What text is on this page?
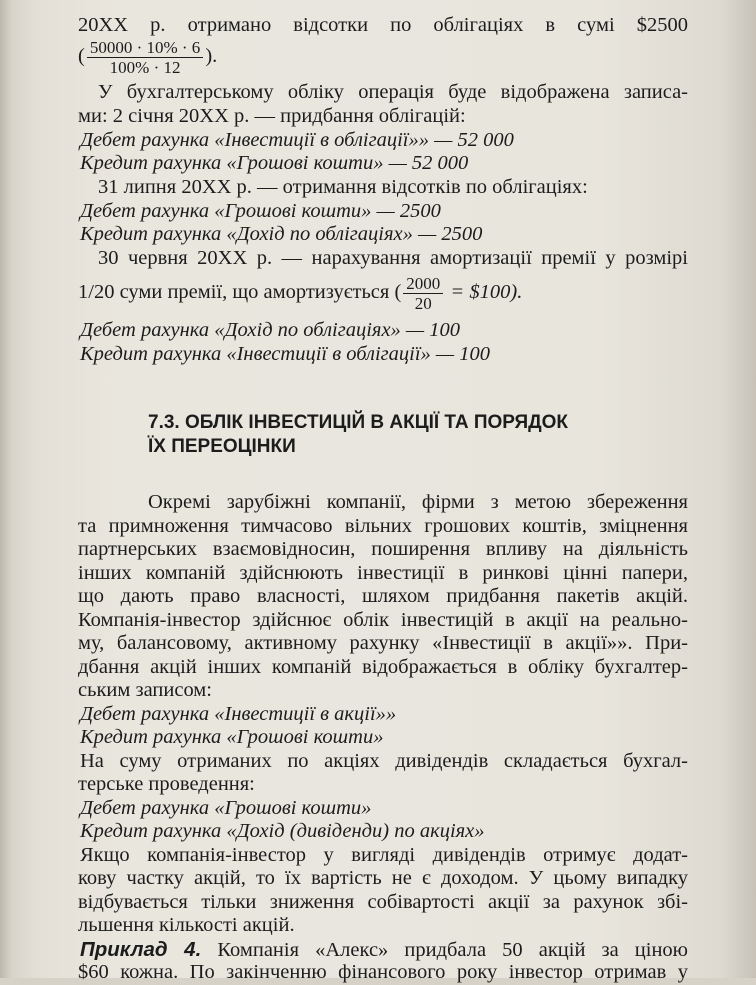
20ХХ р. отримано відсотки по облігаціях в сумі $2500
( $\frac{50000 \cdot 10\% \cdot 6}{100\% \cdot 12}$ ).
У бухгалтерському обліку операція буде відображена записа-
ми: 2 січня 20ХХ р. — придбання облігацій:
Дебет рахунка «Інвестиції в облігації»» — 52 000
Кредит рахунка «Грошові кошти» — 52 000
31 липня 20ХХ р. — отримання відсотків по облігаціях:
Дебет рахунка «Грошові кошти» — 2500
Кредит рахунка «Дохід по облігаціях» — 2500
30 червня 20ХХ р. — нарахування амортизації премії у розмірі
1/20 суми премії, що амортизується ( $\frac{2000}{20}$ = $100).
Дебет рахунка «Дохід по облігаціях» — 100
Кредит рахунка «Інвестиції в облігації» — 100
7.3. ОБЛІК ІНВЕСТИЦІЙ В АКЦІЇ ТА ПОРЯДОК
ЇХ ПЕРЕОЦІНКИ
Окремі зарубіжні компанії, фірми з метою збереження
та примноження тимчасово вільних грошових коштів, зміцнення
партнерських взаємовідносин, поширення впливу на діяльність
інших компаній здійснюють інвестиції в ринкові цінні папери,
що дають право власності, шляхом придбання пакетів акцій.
Компанія-інвестор здійснює облік інвестицій в акції на реально-
му, балансовому, активному рахунку «Інвестиції в акції»». При-
дбання акцій інших компаній відображається в обліку бухгалтер-
ським записом:
Дебет рахунка «Інвестиції в акції»»
Кредит рахунка «Грошові кошти»
На суму отриманих по акціях дивідендів складається бухгал-
терське проведення:
Дебет рахунка «Грошові кошти»
Кредит рахунка «Дохід (дивіденди) по акціях»
Якщо компанія-інвестор у вигляді дивідендів отримує додат-
кову частку акцій, то їх вартість не є доходом. У цьому випадку
відбувається тільки зниження собівартості акції за рахунок збі-
льшення кількості акцій.
Приклад 4. Компанія «Алекс» придбала 50 акцій за ціною
$60 кожна. По закінченню фінансового року інвестор отримав у
